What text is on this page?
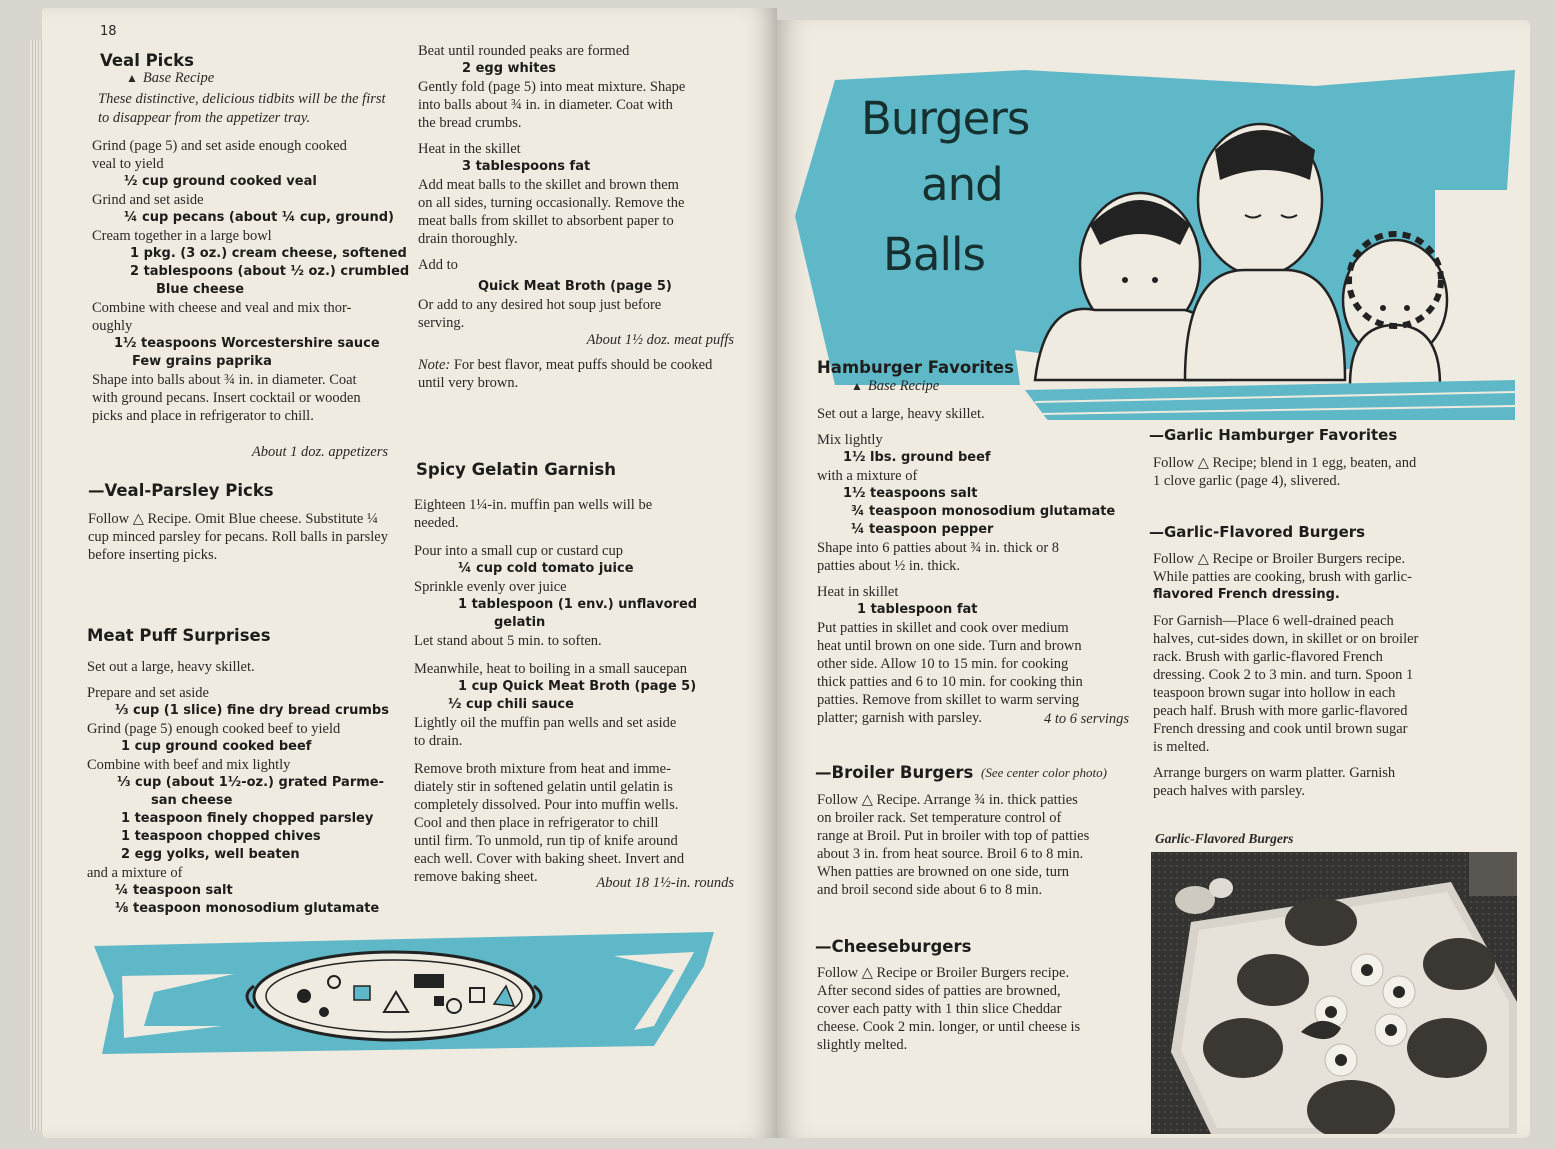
18
Veal Picks
▲ Base Recipe
These distinctive, delicious tidbits will be the first to disappear from the appetizer tray.
Grind (page 5) and set aside enough cooked
veal to yield
½ cup ground cooked veal
Grind and set aside
¼ cup pecans (about ¼ cup, ground)
Cream together in a large bowl
1 pkg. (3 oz.) cream cheese, softened
2 tablespoons (about ½ oz.) crumbled
Blue cheese
Combine with cheese and veal and mix thor-
oughly
1½ teaspoons Worcestershire sauce
Few grains paprika
Shape into balls about ¾ in. in diameter. Coat
with ground pecans. Insert cocktail or wooden
picks and place in refrigerator to chill.
About 1 doz. appetizers
—Veal-Parsley Picks
Follow △ Recipe. Omit Blue cheese. Substitute ¼ cup minced parsley for pecans. Roll balls in parsley before inserting picks.
Meat Puff Surprises
Set out a large, heavy skillet.
Prepare and set aside
⅓ cup (1 slice) fine dry bread crumbs
Grind (page 5) enough cooked beef to yield
1 cup ground cooked beef
Combine with beef and mix lightly
⅓ cup (about 1½-oz.) grated Parme-
san cheese
1 teaspoon finely chopped parsley
1 teaspoon chopped chives
2 egg yolks, well beaten
and a mixture of
¼ teaspoon salt
⅛ teaspoon monosodium glutamate
Beat until rounded peaks are formed
2 egg whites
Gently fold (page 5) into meat mixture. Shape
into balls about ¾ in. in diameter. Coat with
the bread crumbs.
Heat in the skillet
3 tablespoons fat
Add meat balls to the skillet and brown them
on all sides, turning occasionally. Remove the
meat balls from skillet to absorbent paper to
drain thoroughly.
Add to
Quick Meat Broth (page 5)
Or add to any desired hot soup just before
serving.
About 1½ doz. meat puffs
Note: For best flavor, meat puffs should be cooked until very brown.
Spicy Gelatin Garnish
Eighteen 1¼-in. muffin pan wells will be
needed.
Pour into a small cup or custard cup
¼ cup cold tomato juice
Sprinkle evenly over juice
1 tablespoon (1 env.) unflavored
gelatin
Let stand about 5 min. to soften.
Meanwhile, heat to boiling in a small saucepan
1 cup Quick Meat Broth (page 5)
½ cup chili sauce
Lightly oil the muffin pan wells and set aside
to drain.
Remove broth mixture from heat and imme-
diately stir in softened gelatin until gelatin is
completely dissolved. Pour into muffin wells.
Cool and then place in refrigerator to chill
until firm. To unmold, run tip of knife around
each well. Cover with baking sheet. Invert and
remove baking sheet.	About 18 1½-in. rounds
Burgers
and
Balls
Hamburger Favorites
▲ Base Recipe
Set out a large, heavy skillet.
Mix lightly
1½ lbs. ground beef
with a mixture of
1½ teaspoons salt
¾ teaspoon monosodium glutamate
¼ teaspoon pepper
Shape into 6 patties about ¾ in. thick or 8
patties about ½ in. thick.
Heat in skillet
1 tablespoon fat
Put patties in skillet and cook over medium
heat until brown on one side. Turn and brown
other side. Allow 10 to 15 min. for cooking
thick patties and 6 to 10 min. for cooking thin
patties. Remove from skillet to warm serving
platter; garnish with parsley.	4 to 6 servings
—Broiler Burgers (See center color photo)
Follow △ Recipe. Arrange ¾ in. thick patties
on broiler rack. Set temperature control of
range at Broil. Put in broiler with top of patties
about 3 in. from heat source. Broil 6 to 8 min.
When patties are browned on one side, turn
and broil second side about 6 to 8 min.
—Cheeseburgers
Follow △ Recipe or Broiler Burgers recipe.
After second sides of patties are browned,
cover each patty with 1 thin slice Cheddar
cheese. Cook 2 min. longer, or until cheese is
slightly melted.
—Garlic Hamburger Favorites
Follow △ Recipe; blend in 1 egg, beaten, and
1 clove garlic (page 4), slivered.
—Garlic-Flavored Burgers
Follow △ Recipe or Broiler Burgers recipe.
While patties are cooking, brush with garlic-
flavored French dressing.
For Garnish—Place 6 well-drained peach
halves, cut-sides down, in skillet or on broiler
rack. Brush with garlic-flavored French
dressing. Cook 2 to 3 min. and turn. Spoon 1
teaspoon brown sugar into hollow in each
peach half. Brush with more garlic-flavored
French dressing and cook until brown sugar
is melted.
Arrange burgers on warm platter. Garnish
peach halves with parsley.
Garlic-Flavored Burgers
